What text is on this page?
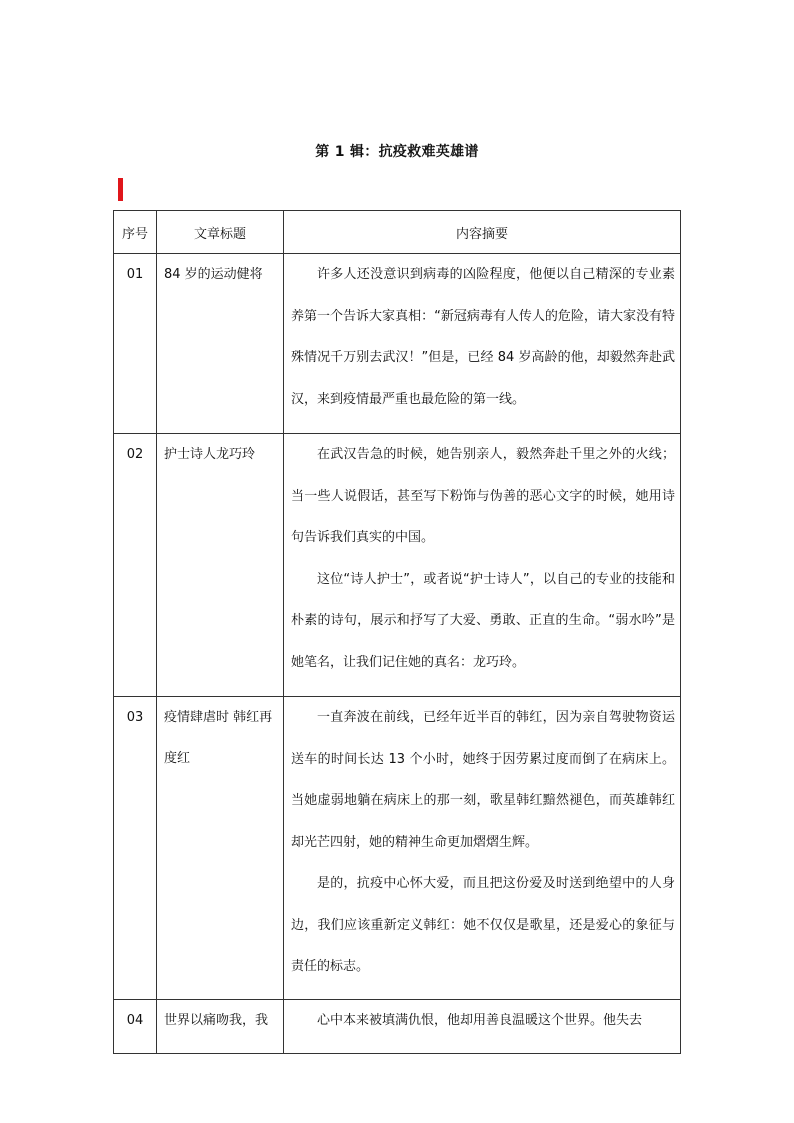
第 1 辑：抗疫救难英雄谱
序号	文章标题	内容摘要
01	84 岁的运动健将	许多人还没意识到病毒的凶险程度，他便以自己精深的专业素养第一个告诉大家真相：“新冠病毒有人传人的危险，请大家没有特殊情况千万别去武汉！”但是，已经 84 岁高龄的他，却毅然奔赴武汉，来到疫情最严重也最危险的第一线。

02	护士诗人龙巧玲	在武汉告急的时候，她告别亲人，毅然奔赴千里之外的火线；当一些人说假话，甚至写下粉饰与伪善的恶心文字的时候，她用诗句告诉我们真实的中国。

这位“诗人护士”，或者说“护士诗人”，以自己的专业的技能和朴素的诗句，展示和抒写了大爱、勇敢、正直的生命。“弱水吟”是她笔名，让我们记住她的真名：龙巧玲。

03	疫情肆虐时 韩红再度红	一直奔波在前线，已经年近半百的韩红，因为亲自驾驶物资运送车的时间长达 13 个小时，她终于因劳累过度而倒了在病床上。当她虚弱地躺在病床上的那一刻，歌星韩红黯然褪色，而英雄韩红却光芒四射，她的精神生命更加熠熠生辉。

是的，抗疫中心怀大爱，而且把这份爱及时送到绝望中的人身边，我们应该重新定义韩红：她不仅仅是歌星，还是爱心的象征与责任的标志。

04	世界以痛吻我，我	心中本来被填满仇恨，他却用善良温暖这个世界。他失去
